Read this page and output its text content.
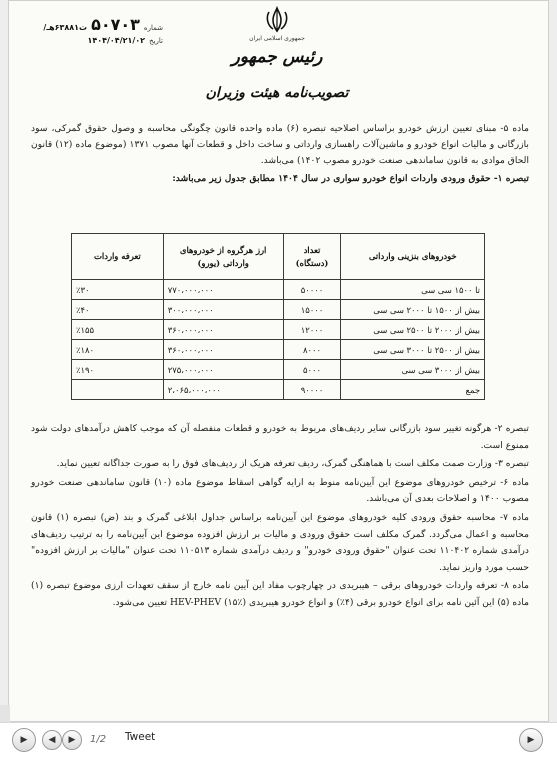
جمهوری اسلامی ایران
رئیس جمهور
تصویب‌نامه هیئت وزیران
شماره
۵۰۷۰۳
/ت۶۳۸۸۱هـ
تاریخ
۱۴۰۴/۰۴/۲۱/۰۲

ماده ۵- مبنای تعیین ارزش خودرو براساس اصلاحیه تبصره (۶) ماده واحده قانون چگونگی محاسبه و وصول حقوق گمرکی، سود بازرگانی و مالیات انواع خودرو و ماشین‌آلات راهسازی وارداتی و ساخت داخل و قطعات آنها مصوب ۱۳۷۱ (موضوع ماده (۱۲) قانون الحاق موادی به قانون ساماندهی صنعت خودرو مصوب ۱۴۰۲) می‌باشد.

تبصره ۱- حقوق ورودی واردات انواع خودرو سواری در سال ۱۴۰۴ مطابق جدول زیر می‌باشد:

خودروهای بنزینی وارداتی	تعداد (دستگاه)	ارز هرگروه از خودروهای وارداتی (یورو)	تعرفه واردات
تا ۱۵۰۰ سی سی	۵۰۰۰۰	۷۷۰،۰۰۰،۰۰۰	٪۳۰
بیش از ۱۵۰۰ تا ۲۰۰۰ سی سی	۱۵۰۰۰	۳۰۰،۰۰۰،۰۰۰	٪۴۰
بیش از ۲۰۰۰ تا ۲۵۰۰ سی سی	۱۲۰۰۰	۳۶۰،۰۰۰،۰۰۰	٪۱۵۵
بیش از ۲۵۰۰ تا ۳۰۰۰ سی سی	۸۰۰۰	۳۶۰،۰۰۰،۰۰۰	٪۱۸۰
بیش از ۳۰۰۰ سی سی	۵۰۰۰	۲۷۵،۰۰۰،۰۰۰	٪۱۹۰
جمع	۹۰۰۰۰	۲،۰۶۵،۰۰۰،۰۰۰	

تبصره ۲- هرگونه تغییر سود بازرگانی سایر ردیف‌های مربوط به خودرو و قطعات منفصله آن که موجب کاهش درآمدهای دولت شود ممنوع است.

تبصره ۳- وزارت صمت مکلف است با هماهنگی گمرک، ردیف تعرفه هریک از ردیف‌های فوق را به صورت جداگانه تعیین نماید.

ماده ۶- ترخیص خودروهای موضوع این آیین‌نامه منوط به ارایه گواهی اسقاط موضوع ماده (۱۰) قانون ساماندهی صنعت خودرو مصوب ۱۴۰۰ و اصلاحات بعدی آن می‌باشد.

ماده ۷- محاسبه حقوق ورودی کلیه خودروهای موضوع این آیین‌نامه براساس جداول ابلاغی گمرک و بند (ض) تبصره (۱) قانون محاسبه و اعمال می‌گردد. گمرک مکلف است حقوق ورودی و مالیات بر ارزش افزوده موضوع این آیین‌نامه را به ترتیب ردیف‌های درآمدی شماره ۱۱۰۴۰۲ تحت عنوان "حقوق ورودی خودرو" و ردیف درآمدی شماره ۱۱۰۵۱۳ تحت عنوان "مالیات بر ارزش افزوده" حسب مورد واریز نماید.

ماده ۸- تعرفه واردات خودروهای برقی – هیبریدی در چهارچوب مفاد این آیین نامه خارج از سقف تعهدات ارزی موضوع تبصره (۱) ماده (۵) این آئین نامه برای انواع خودرو برقی (۴٪) و انواع خودرو هیبریدی HEV-PHEV (۱۵٪) تعیین می‌شود.

▶ ◀ ▶ 1/2 Tweet	▶
